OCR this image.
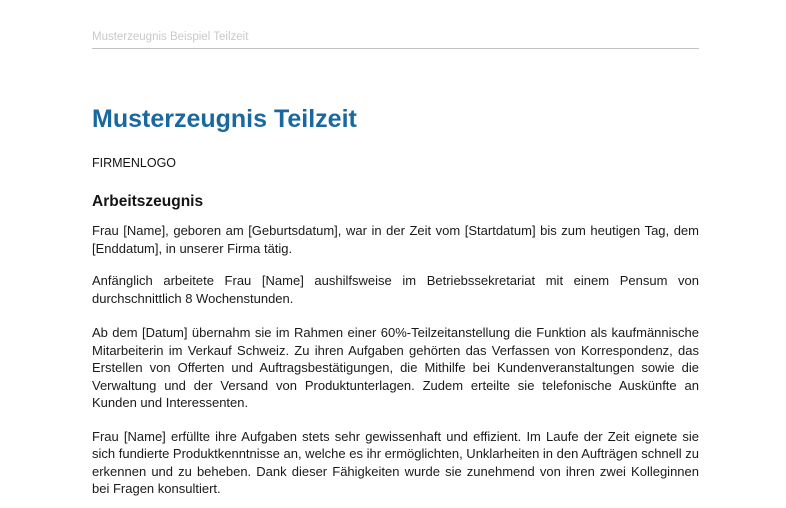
Musterzeugnis Beispiel Teilzeit
Musterzeugnis Teilzeit
FIRMENLOGO
Arbeitszeugnis

Frau [Name], geboren am [Geburtsdatum], war in der Zeit vom [Startdatum] bis zum heutigen Tag, dem [Enddatum], in unserer Firma tätig.

Anfänglich arbeitete Frau [Name] aushilfsweise im Betriebssekretariat mit einem Pensum von durchschnittlich 8 Wochenstunden.

Ab dem [Datum] übernahm sie im Rahmen einer 60%-Teilzeitanstellung die Funktion als kaufmännische Mitarbeiterin im Verkauf Schweiz. Zu ihren Aufgaben gehörten das Verfassen von Korrespondenz, das Erstellen von Offerten und Auftragsbestätigungen, die Mithilfe bei Kundenveranstaltungen sowie die Verwaltung und der Versand von Produktunterlagen. Zudem erteilte sie telefonische Auskünfte an Kunden und Interessenten.

Frau [Name] erfüllte ihre Aufgaben stets sehr gewissenhaft und effizient. Im Laufe der Zeit eignete sie sich fundierte Produktkenntnisse an, welche es ihr ermöglichten, Unklarheiten in den Aufträgen schnell zu erkennen und zu beheben. Dank dieser Fähigkeiten wurde sie zunehmend von ihren zwei Kolleginnen bei Fragen konsultiert.
